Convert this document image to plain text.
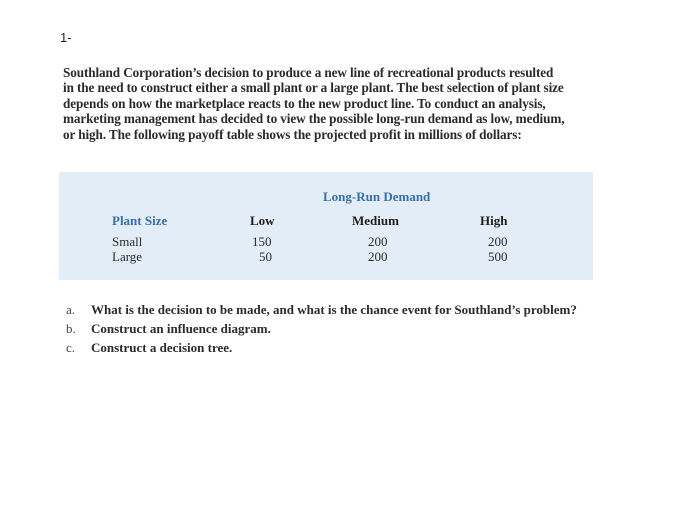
1-
Southland Corporation’s decision to produce a new line of recreational products resulted
in the need to construct either a small plant or a large plant. The best selection of plant size
depends on how the marketplace reacts to the new product line. To conduct an analysis,
marketing management has decided to view the possible long-run demand as low, medium,
or high. The following payoff table shows the projected profit in millions of dollars:
Long-Run Demand
Plant Size	Low	Medium	High
Small	150	200	200
Large	50	200	500
a.	What is the decision to be made, and what is the chance event for Southland’s problem?
b.	Construct an influence diagram.
c.	Construct a decision tree.
